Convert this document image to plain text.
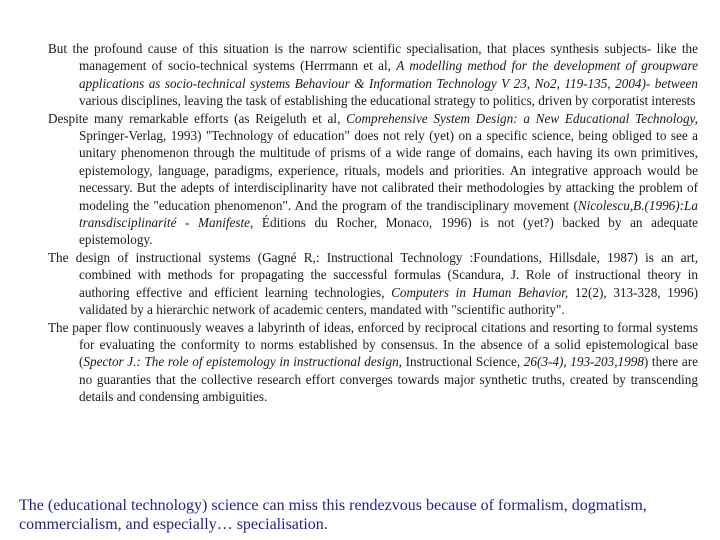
But the profound cause of this situation is the narrow scientific specialisation, that places synthesis subjects- like the management of socio-technical systems (Herrmann et al, A modelling method for the development of groupware applications as socio-technical systems Behaviour & Information Technology V 23, No2, 119-135, 2004)- between various disciplines, leaving the task of establishing the educational strategy to politics, driven by corporatist interests

Despite many remarkable efforts (as Reigeluth et al, Comprehensive System Design: a New Educational Technology, Springer-Verlag, 1993) "Technology of education" does not rely (yet) on a specific science, being obliged to see a unitary phenomenon through the multitude of prisms of a wide range of domains, each having its own primitives, epistemology, language, paradigms, experience, rituals, models and priorities. An integrative approach would be necessary. But the adepts of interdisciplinarity have not calibrated their methodologies by attacking the problem of modeling the "education phenomenon". And the program of the trandisciplinary movement (Nicolescu,B.(1996):La transdisciplinarité - Manifeste, Éditions du Rocher, Monaco, 1996) is not (yet?) backed by an adequate epistemology.

The design of instructional systems (Gagné R,: Instructional Technology :Foundations, Hillsdale, 1987) is an art, combined with methods for propagating the successful formulas (Scandura, J. Role of instructional theory in authoring effective and efficient learning technologies, Computers in Human Behavior, 12(2), 313-328, 1996) validated by a hierarchic network of academic centers, mandated with "scientific authority".

The paper flow continuously weaves a labyrinth of ideas, enforced by reciprocal citations and resorting to formal systems for evaluating the conformity to norms established by consensus. In the absence of a solid epistemological base (Spector J.: The role of epistemology in instructional design, Instructional Science, 26(3-4), 193-203,1998) there are no guaranties that the collective research effort converges towards major synthetic truths, created by transcending details and condensing ambiguities.

The (educational technology) science can miss this rendezvous because of formalism, dogmatism, commercialism, and especially… specialisation.
